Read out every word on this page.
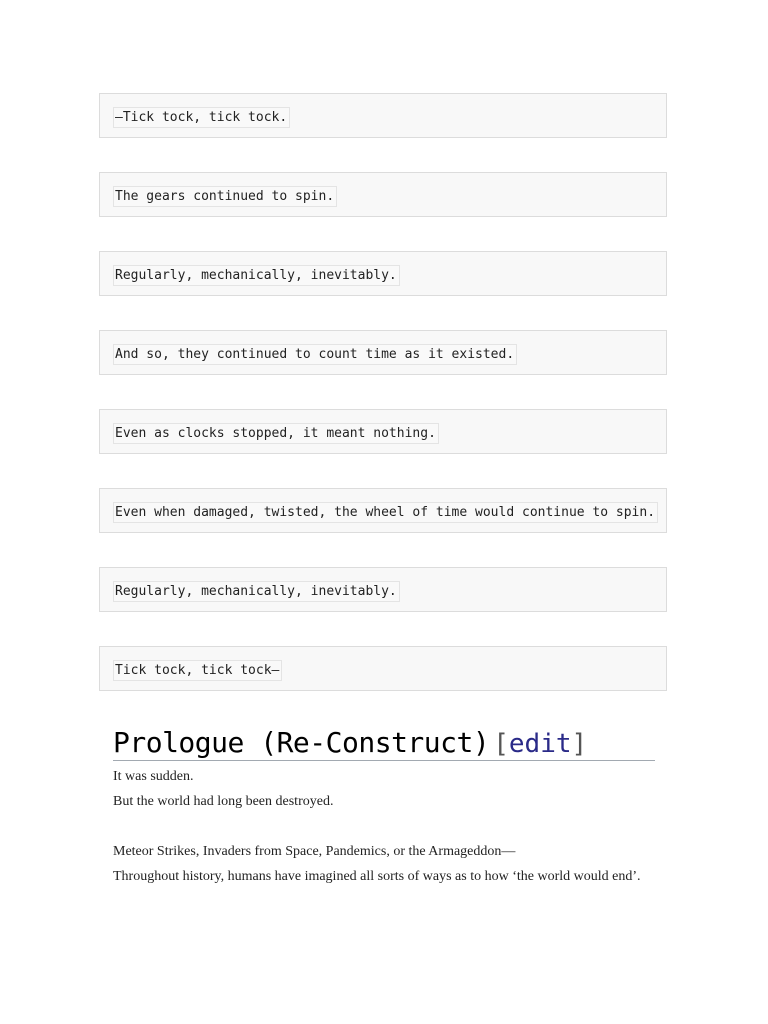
—Tick tock, tick tock.
The gears continued to spin.
Regularly, mechanically, inevitably.
And so, they continued to count time as it existed.
Even as clocks stopped, it meant nothing.
Even when damaged, twisted, the wheel of time would continue to spin.
Regularly, mechanically, inevitably.
Tick tock, tick tock—
Prologue (Re-Construct) [edit]

It was sudden.

But the world had long been destroyed.

Meteor Strikes, Invaders from Space, Pandemics, or the Armageddon—

Throughout history, humans have imagined all sorts of ways as to how ‘the world would end’.
